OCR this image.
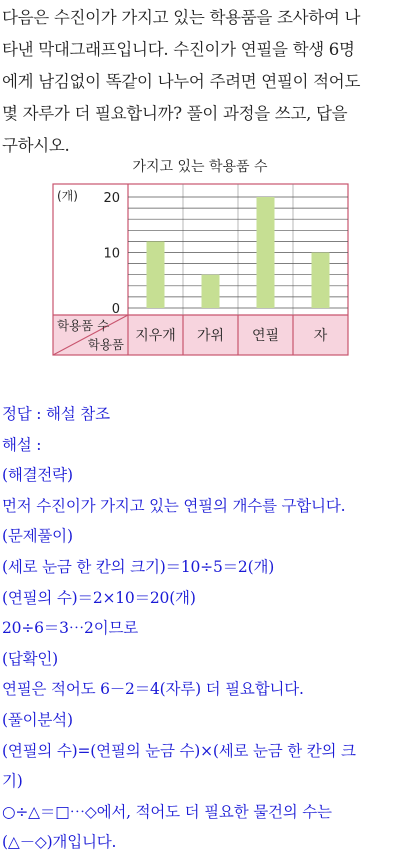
다음은 수진이가 가지고 있는 학용품을 조사하여 나
타낸 막대그래프입니다. 수진이가 연필을 학생 6명
에게 남김없이 똑같이 나누어 주려면 연필이 적어도
몇 자루가 더 필요합니까? 풀이 과정을 쓰고, 답을
구하시오.
가지고 있는 학용품 수
0
10
20
(개)
지우개 가위 연필 자
학용품 수
학용품
정답 : 해설 참조
해설 :
(해결전략)
먼저 수진이가 가지고 있는 연필의 개수를 구합니다.
(문제풀이)
(세로 눈금 한 칸의 크기)＝10÷5＝2(개)
(연필의 수)＝2×10＝20(개)
20÷6＝3⋯2이므로
(답확인)
연필은 적어도 6－2＝4(자루) 더 필요합니다.
(풀이분석)
(연필의 수)=(연필의 눈금 수)×(세로 눈금 한 칸의 크
기)
○÷△＝□⋯◇에서, 적어도 더 필요한 물건의 수는
(△－◇)개입니다.
